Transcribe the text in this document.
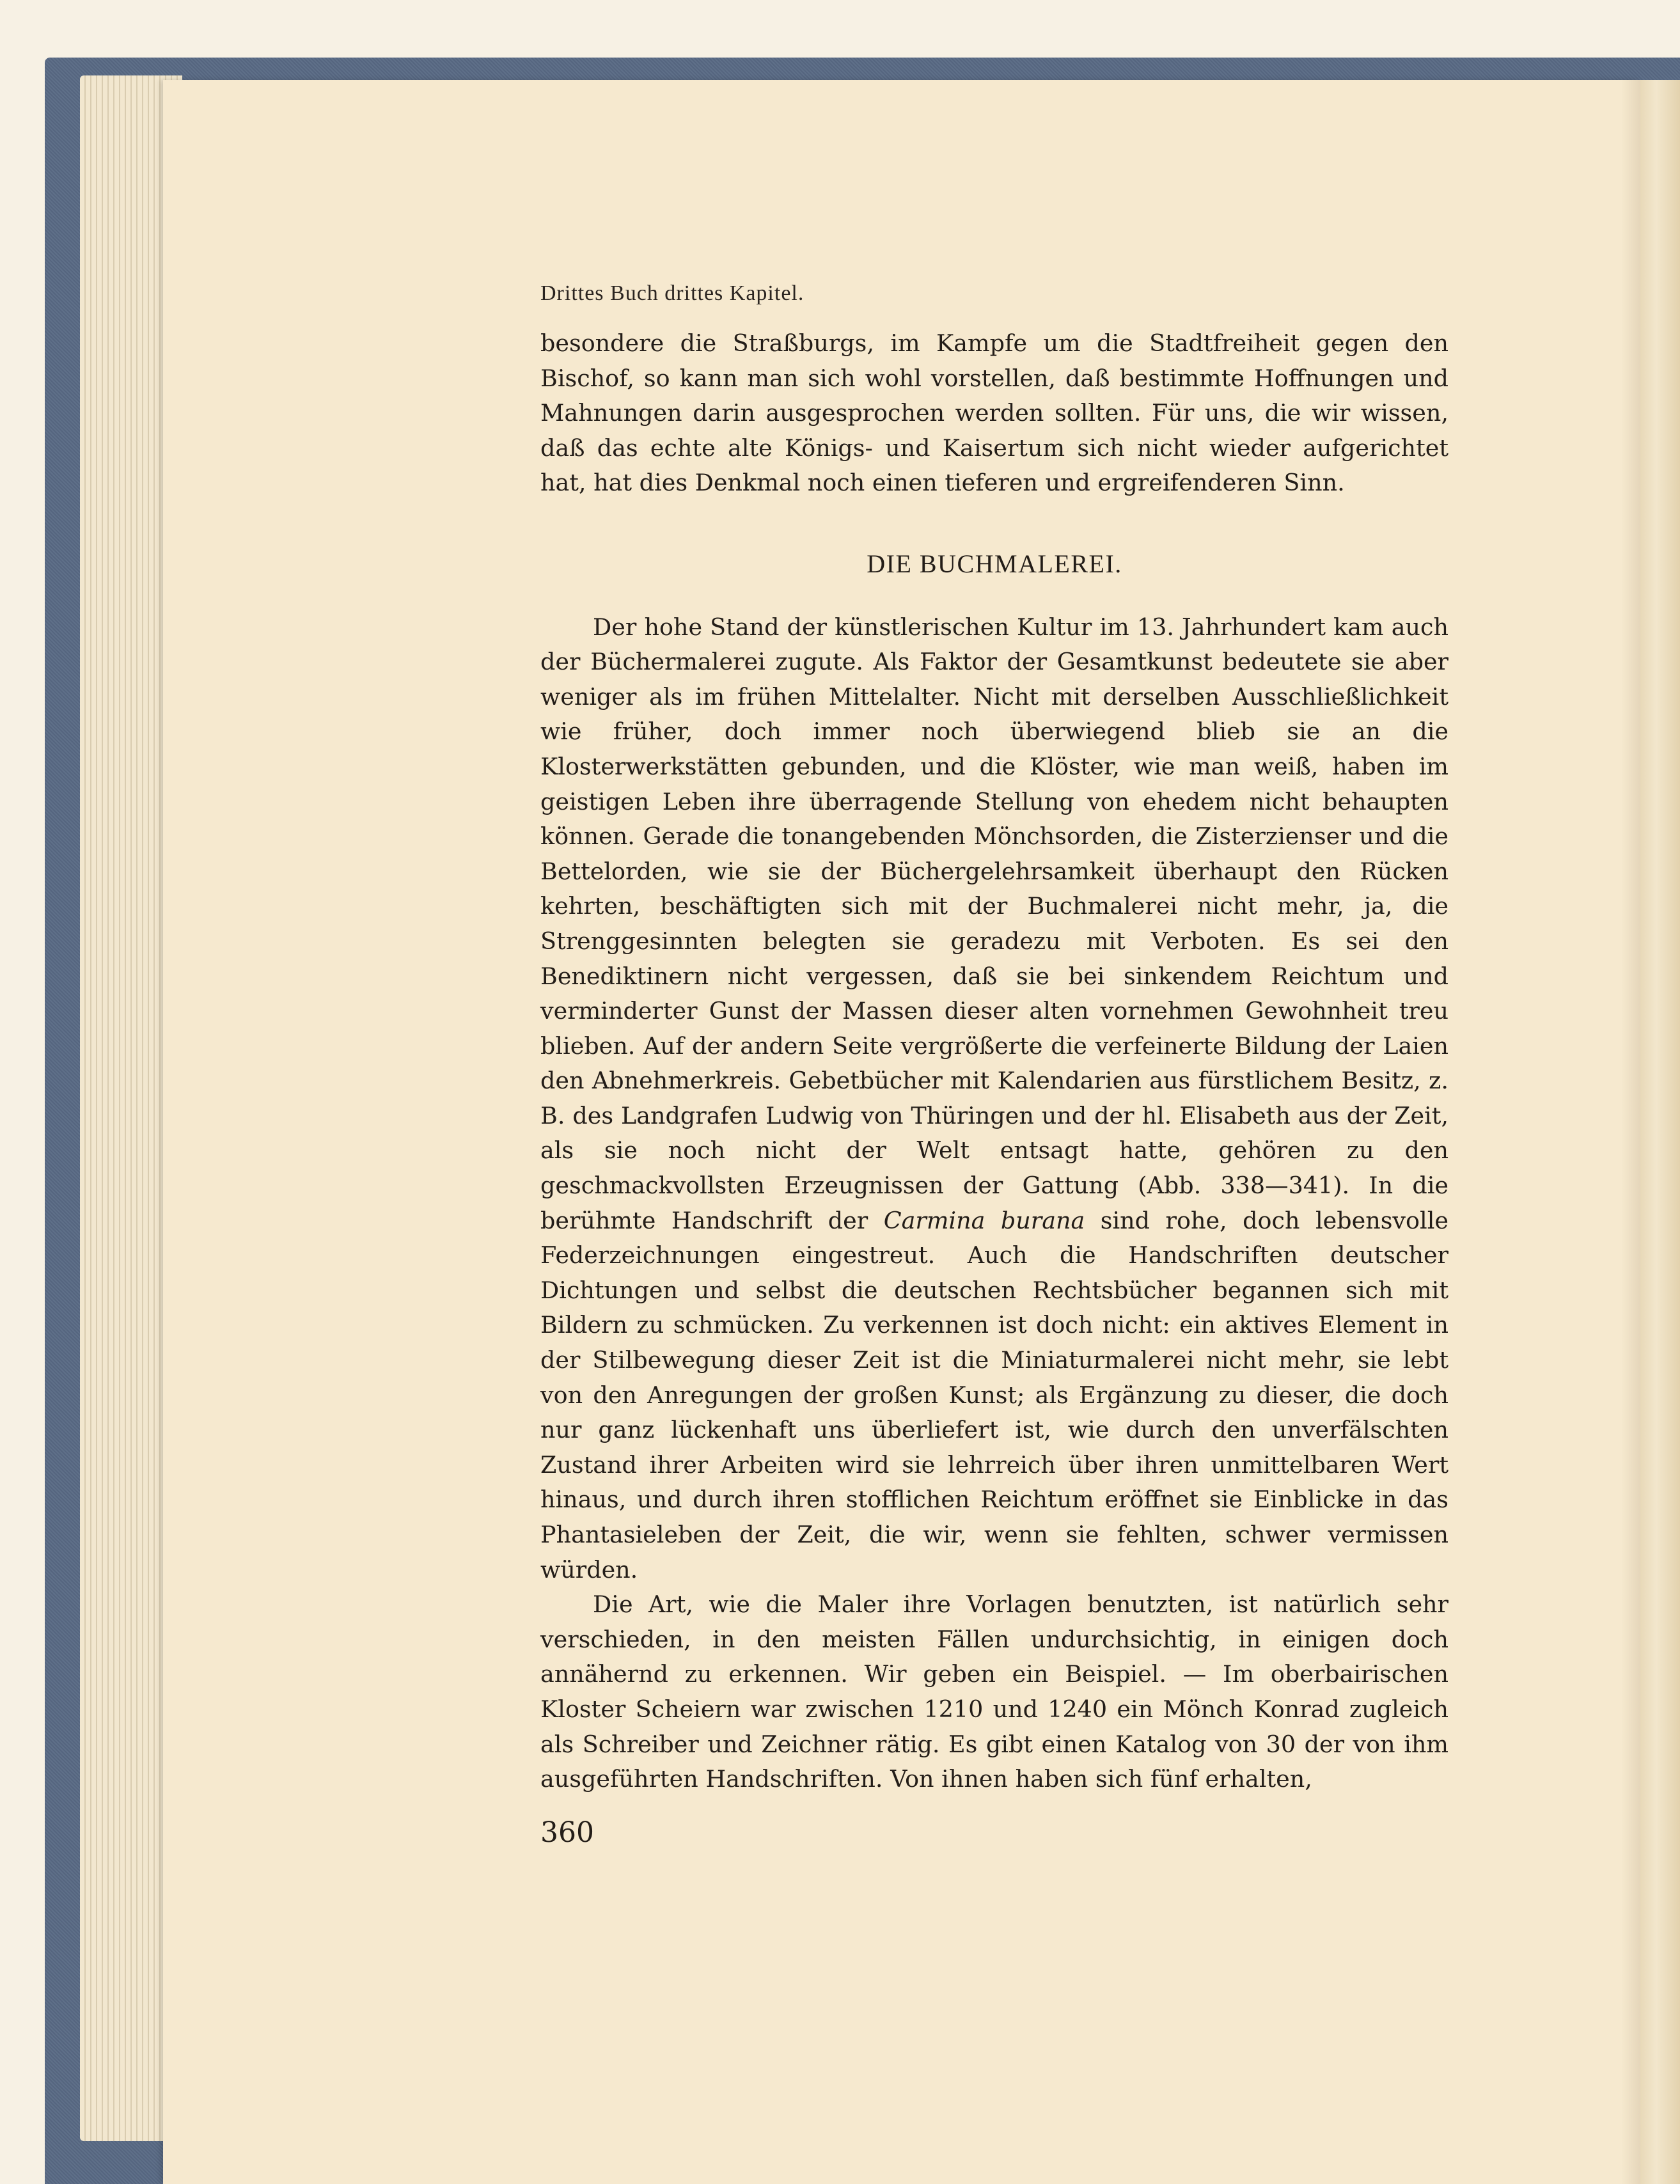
Drittes Buch drittes Kapitel.

besondere die Straßburgs, im Kampfe um die Stadtfreiheit gegen den Bischof, so kann man sich wohl vorstellen, daß bestimmte Hoffnungen und Mahnungen darin ausgesprochen werden sollten. Für uns, die wir wissen, daß das echte alte Königs- und Kaisertum sich nicht wieder aufgerichtet hat, hat dies Denkmal noch einen tieferen und ergreifenderen Sinn.

DIE BUCHMALEREI.

Der hohe Stand der künstlerischen Kultur im 13. Jahrhundert kam auch der Büchermalerei zugute. Als Faktor der Gesamtkunst bedeutete sie aber weniger als im frühen Mittelalter. Nicht mit derselben Ausschließlichkeit wie früher, doch immer noch überwiegend blieb sie an die Klosterwerkstätten gebunden, und die Klöster, wie man weiß, haben im geistigen Leben ihre überragende Stellung von ehedem nicht behaupten können. Gerade die tonangebenden Mönchsorden, die Zisterzienser und die Bettelorden, wie sie der Büchergelehrsamkeit überhaupt den Rücken kehrten, beschäftigten sich mit der Buchmalerei nicht mehr, ja, die Strenggesinnten belegten sie geradezu mit Verboten. Es sei den Benediktinern nicht vergessen, daß sie bei sinkendem Reichtum und verminderter Gunst der Massen dieser alten vornehmen Gewohnheit treu blieben. Auf der andern Seite vergrößerte die verfeinerte Bildung der Laien den Abnehmerkreis. Gebetbücher mit Kalendarien aus fürstlichem Besitz, z. B. des Landgrafen Ludwig von Thüringen und der hl. Elisabeth aus der Zeit, als sie noch nicht der Welt entsagt hatte, gehören zu den geschmackvollsten Erzeugnissen der Gattung (Abb. 338—341). In die berühmte Handschrift der Carmina burana sind rohe, doch lebensvolle Federzeichnungen eingestreut. Auch die Handschriften deutscher Dichtungen und selbst die deutschen Rechtsbücher begannen sich mit Bildern zu schmücken. Zu verkennen ist doch nicht: ein aktives Element in der Stilbewegung dieser Zeit ist die Miniaturmalerei nicht mehr, sie lebt von den Anregungen der großen Kunst; als Ergänzung zu dieser, die doch nur ganz lückenhaft uns überliefert ist, wie durch den unverfälschten Zustand ihrer Arbeiten wird sie lehrreich über ihren unmittelbaren Wert hinaus, und durch ihren stofflichen Reichtum eröffnet sie Einblicke in das Phantasieleben der Zeit, die wir, wenn sie fehlten, schwer vermissen würden.

Die Art, wie die Maler ihre Vorlagen benutzten, ist natürlich sehr verschieden, in den meisten Fällen undurchsichtig, in einigen doch annähernd zu erkennen. Wir geben ein Beispiel. — Im oberbairischen Kloster Scheiern war zwischen 1210 und 1240 ein Mönch Konrad zugleich als Schreiber und Zeichner rätig. Es gibt einen Katalog von 30 der von ihm ausgeführten Handschriften. Von ihnen haben sich fünf erhalten,

360
